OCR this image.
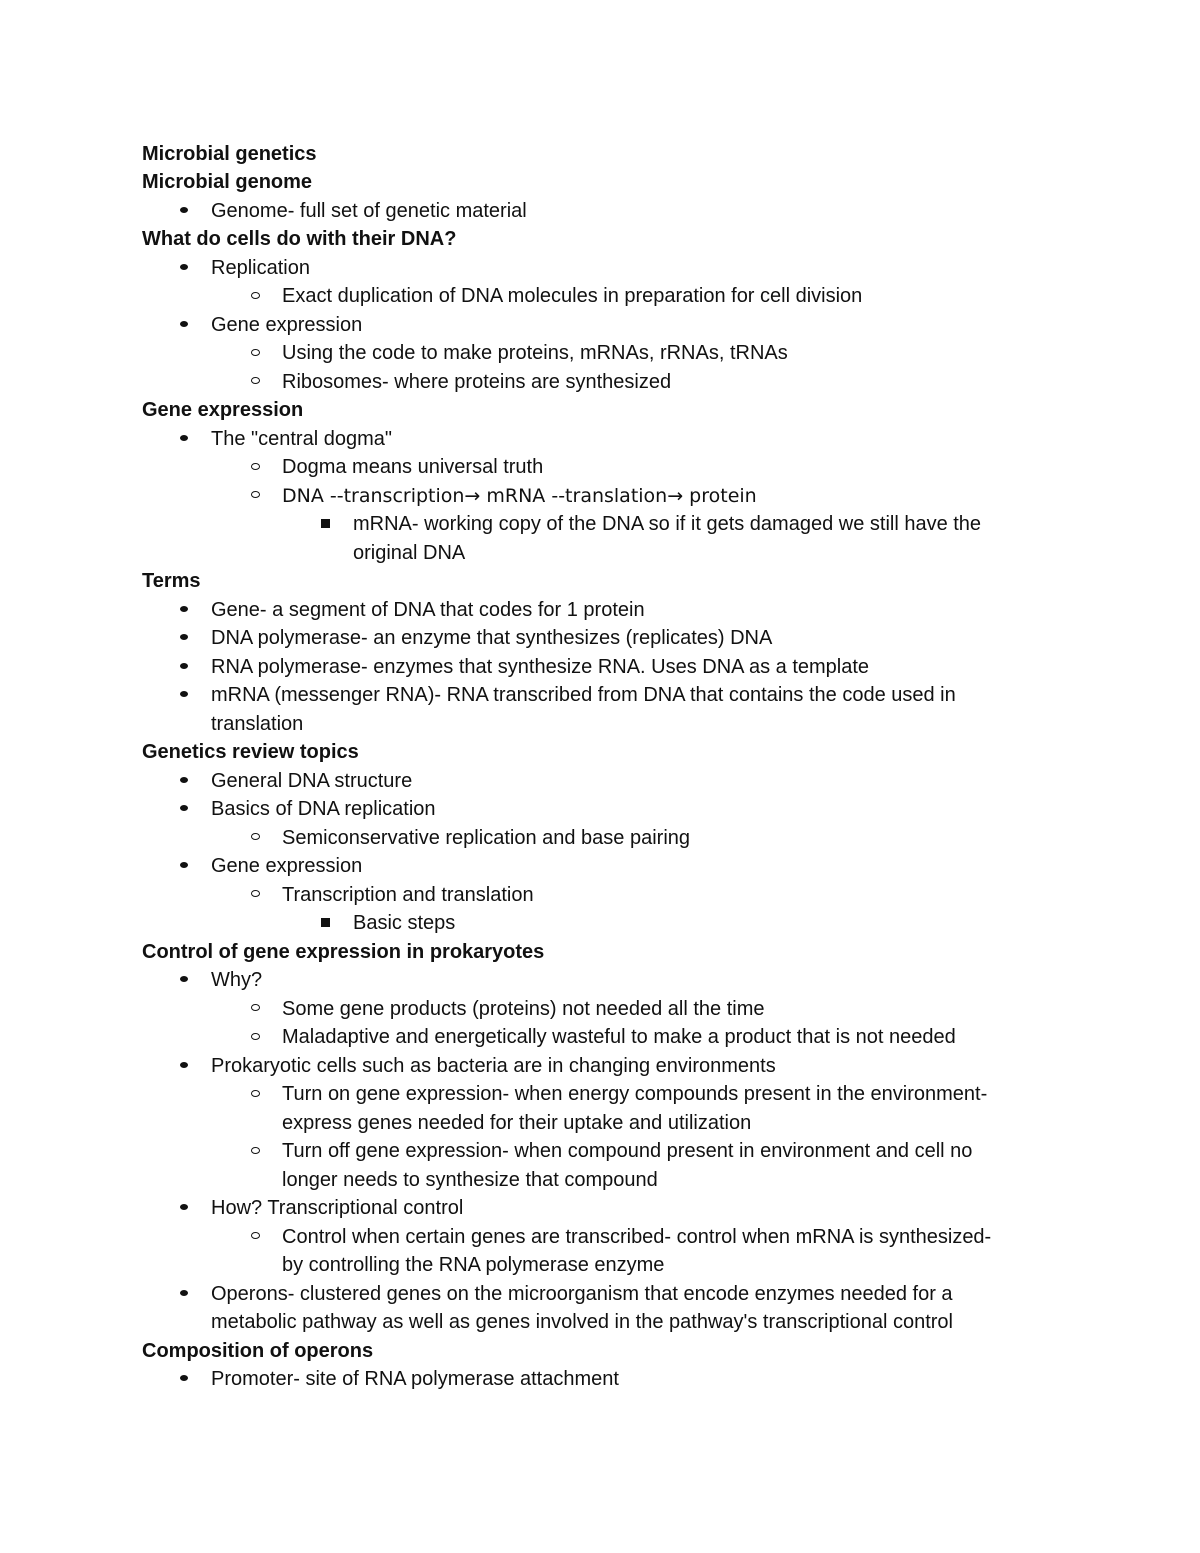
Microbial genetics
Microbial genome
Genome- full set of genetic material
What do cells do with their DNA?
Replication
Exact duplication of DNA molecules in preparation for cell division
Gene expression
Using the code to make proteins, mRNAs, rRNAs, tRNAs
Ribosomes- where proteins are synthesized
Gene expression
The "central dogma"
Dogma means universal truth
DNA --transcription→ mRNA --translation→ protein
mRNA- working copy of the DNA so if it gets damaged we still have the
original DNA
Terms
Gene- a segment of DNA that codes for 1 protein
DNA polymerase- an enzyme that synthesizes (replicates) DNA
RNA polymerase- enzymes that synthesize RNA. Uses DNA as a template
mRNA (messenger RNA)- RNA transcribed from DNA that contains the code used in
translation
Genetics review topics
General DNA structure
Basics of DNA replication
Semiconservative replication and base pairing
Gene expression
Transcription and translation
Basic steps
Control of gene expression in prokaryotes
Why?
Some gene products (proteins) not needed all the time
Maladaptive and energetically wasteful to make a product that is not needed
Prokaryotic cells such as bacteria are in changing environments
Turn on gene expression- when energy compounds present in the environment-
express genes needed for their uptake and utilization
Turn off gene expression- when compound present in environment and cell no
longer needs to synthesize that compound
How? Transcriptional control
Control when certain genes are transcribed- control when mRNA is synthesized-
by controlling the RNA polymerase enzyme
Operons- clustered genes on the microorganism that encode enzymes needed for a
metabolic pathway as well as genes involved in the pathway's transcriptional control
Composition of operons
Promoter- site of RNA polymerase attachment
